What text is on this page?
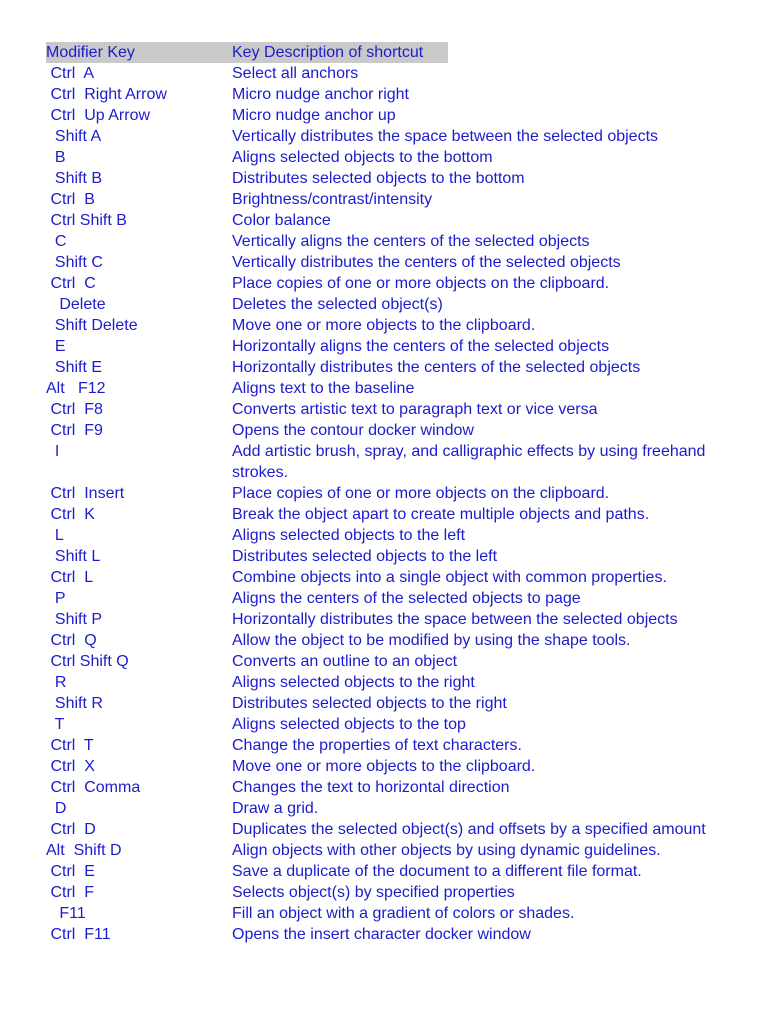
Modifier Key	Key Description of shortcut
Ctrl  A	Select all anchors
Ctrl  Right Arrow	Micro nudge anchor right
Ctrl  Up Arrow	Micro nudge anchor up
Shift A	Vertically distributes the space between the selected objects
B	Aligns selected objects to the bottom
Shift B	Distributes selected objects to the bottom
Ctrl  B	Brightness/contrast/intensity
Ctrl Shift B	Color balance
C	Vertically aligns the centers of the selected objects
Shift C	Vertically distributes the centers of the selected objects
Ctrl  C	Place copies of one or more objects on the clipboard.
Delete	Deletes the selected object(s)
Shift Delete	Move one or more objects to the clipboard.
E	Horizontally aligns the centers of the selected objects
Shift E	Horizontally distributes the centers of the selected objects
Alt   F12	Aligns text to the baseline
Ctrl  F8	Converts artistic text to paragraph text or vice versa
Ctrl  F9	Opens the contour docker window
I	Add artistic brush, spray, and calligraphic effects by using freehand strokes.
Ctrl  Insert	Place copies of one or more objects on the clipboard.
Ctrl  K	Break the object apart to create multiple objects and paths.
L	Aligns selected objects to the left
Shift L	Distributes selected objects to the left
Ctrl  L	Combine objects into a single object with common properties.
P	Aligns the centers of the selected objects to page
Shift P	Horizontally distributes the space between the selected objects
Ctrl  Q	Allow the object to be modified by using the shape tools.
Ctrl Shift Q	Converts an outline to an object
R	Aligns selected objects to the right
Shift R	Distributes selected objects to the right
T	Aligns selected objects to the top
Ctrl  T	Change the properties of text characters.
Ctrl  X	Move one or more objects to the clipboard.
Ctrl  Comma	Changes the text to horizontal direction
D	Draw a grid.
Ctrl  D	Duplicates the selected object(s) and offsets by a specified amount
Alt  Shift D	Align objects with other objects by using dynamic guidelines.
Ctrl  E	Save a duplicate of the document to a different file format.
Ctrl  F	Selects object(s) by specified properties
F11	Fill an object with a gradient of colors or shades.
Ctrl  F11	Opens the insert character docker window
